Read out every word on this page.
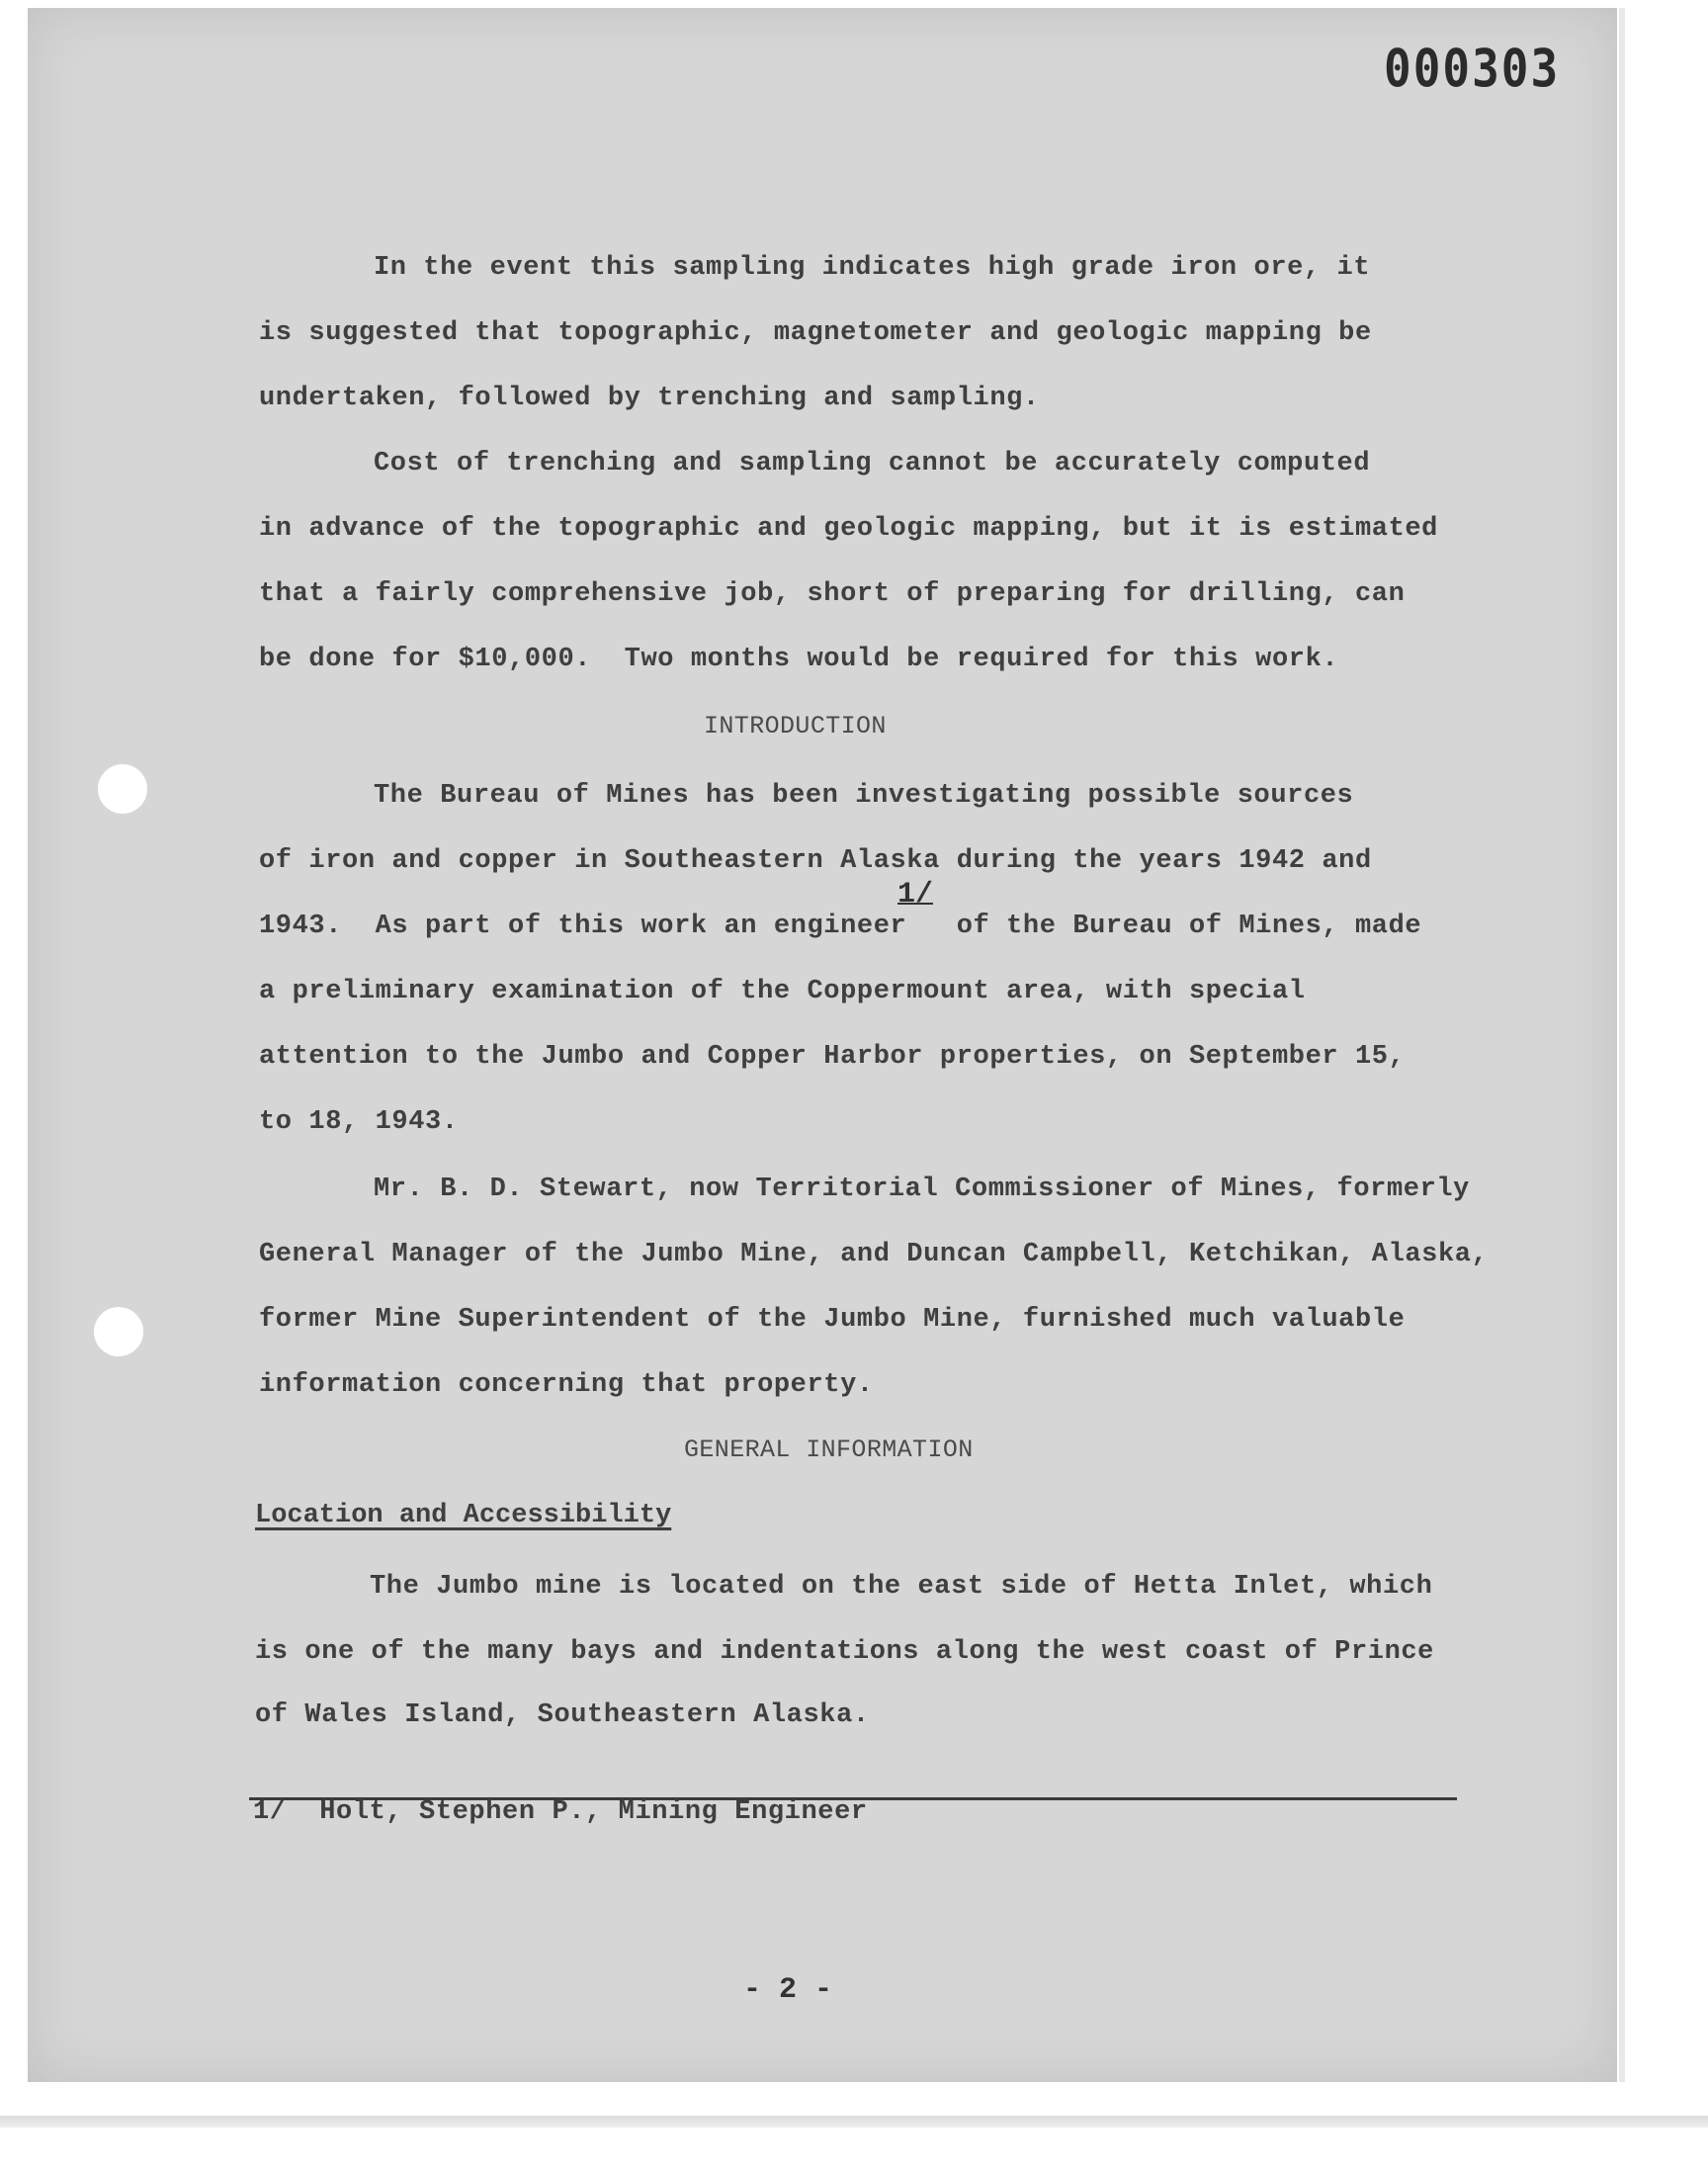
000303
In the event this sampling indicates high grade iron ore, it
is suggested that topographic, magnetometer and geologic mapping be
undertaken, followed by trenching and sampling.
Cost of trenching and sampling cannot be accurately computed
in advance of the topographic and geologic mapping, but it is estimated
that a fairly comprehensive job, short of preparing for drilling, can
be done for $10,000.  Two months would be required for this work.
INTRODUCTION
The Bureau of Mines has been investigating possible sources
of iron and copper in Southeastern Alaska during the years 1942 and
1/
1943.  As part of this work an engineer   of the Bureau of Mines, made
a preliminary examination of the Coppermount area, with special
attention to the Jumbo and Copper Harbor properties, on September 15,
to 18, 1943.
Mr. B. D. Stewart, now Territorial Commissioner of Mines, formerly
General Manager of the Jumbo Mine, and Duncan Campbell, Ketchikan, Alaska,
former Mine Superintendent of the Jumbo Mine, furnished much valuable
information concerning that property.
GENERAL INFORMATION
Location and Accessibility
The Jumbo mine is located on the east side of Hetta Inlet, which
is one of the many bays and indentations along the west coast of Prince
of Wales Island, Southeastern Alaska.
1/  Holt, Stephen P., Mining Engineer
- 2 -
